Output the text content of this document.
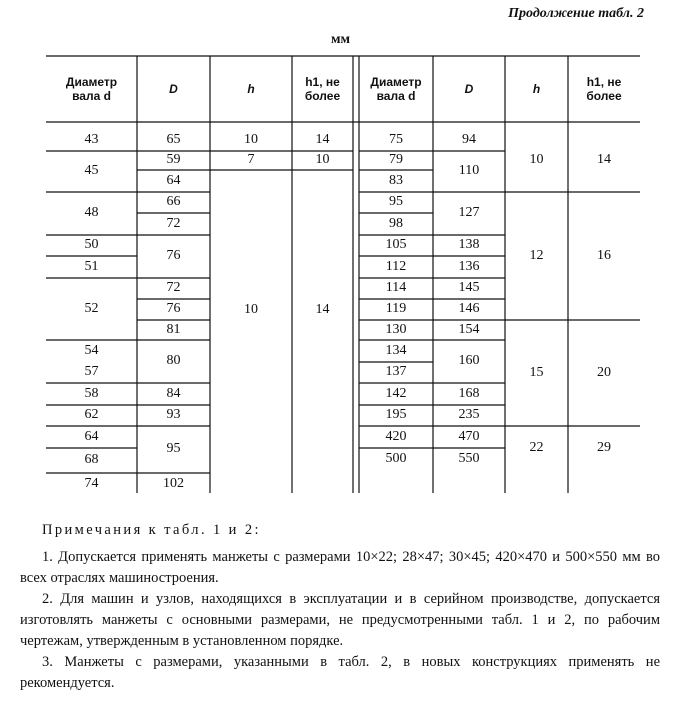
Продолжение табл. 2
мм
Диаметр вала d
D	h
h1, не более
Диаметр вала d
D	h
h1, не более
43
45
48
50
51
52
54
57
58
62
64
68
74
65
59
64
66
72
76
72
76
81
80
84
93
95
102
10
7
10
14
10
14
75
79
83
95
98
105
112
114
119
130
134
137
142
195
420
500
94
110
127
138
136
145
146
154
160
168
235
470
550
10
12
15
22
14
16
20
29

Примечания к табл. 1 и 2:

1. Допускается применять манжеты с размерами 10×22; 28×47; 30×45; 420×470 и 500×550 мм во всех отраслях машиностроения.

2. Для машин и узлов, находящихся в эксплуатации и в серийном производстве, допускается изготовлять манжеты с основными размерами, не предусмотренными табл. 1 и 2, по рабочим чертежам, утвержденным в установленном порядке.

3. Манжеты с размерами, указанными в табл. 2, в новых конструкциях применять не рекомендуется.
